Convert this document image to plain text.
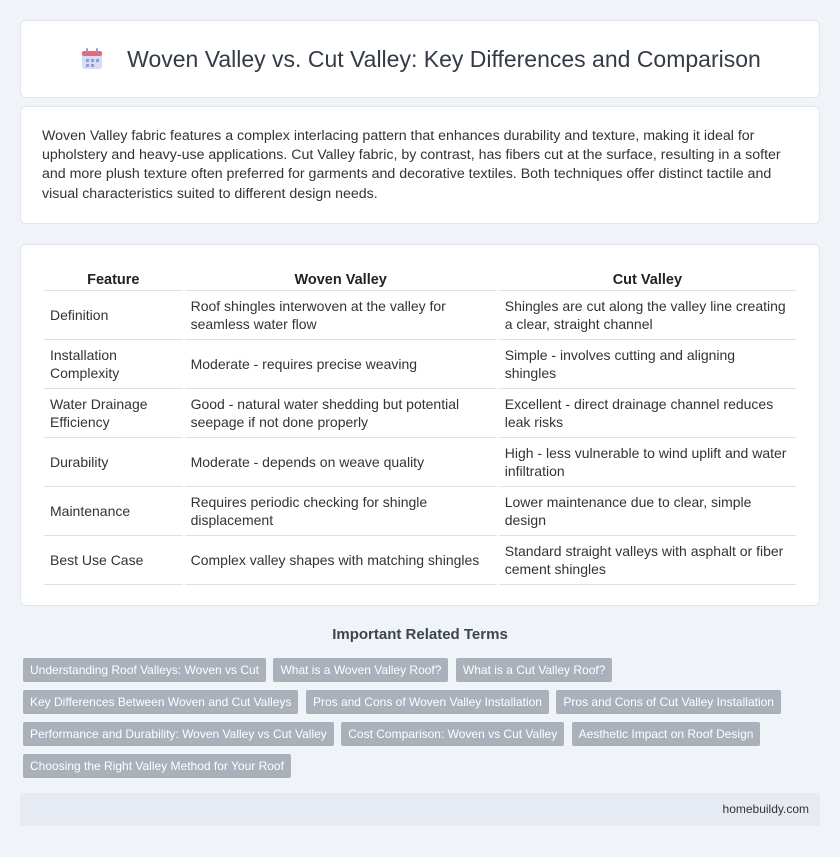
Woven Valley vs. Cut Valley: Key Differences and Comparison

Woven Valley fabric features a complex interlacing pattern that enhances durability and texture, making it ideal for upholstery and heavy-use applications. Cut Valley fabric, by contrast, has fibers cut at the surface, resulting in a softer and more plush texture often preferred for garments and decorative textiles. Both techniques offer distinct tactile and visual characteristics suited to different design needs.

Feature	Woven Valley	Cut Valley
Definition	Roof shingles interwoven at the valley for seamless water flow	Shingles are cut along the valley line creating a clear, straight channel
Installation Complexity	Moderate - requires precise weaving	Simple - involves cutting and aligning shingles
Water Drainage Efficiency	Good - natural water shedding but potential seepage if not done properly	Excellent - direct drainage channel reduces leak risks
Durability	Moderate - depends on weave quality	High - less vulnerable to wind uplift and water infiltration
Maintenance	Requires periodic checking for shingle displacement	Lower maintenance due to clear, simple design
Best Use Case	Complex valley shapes with matching shingles	Standard straight valleys with asphalt or fiber cement shingles
Important Related Terms
Understanding Roof Valleys: Woven vs Cut What is a Woven Valley Roof? What is a Cut Valley Roof? Key Differences Between Woven and Cut Valleys Pros and Cons of Woven Valley Installation Pros and Cons of Cut Valley Installation Performance and Durability: Woven Valley vs Cut Valley Cost Comparison: Woven vs Cut Valley Aesthetic Impact on Roof Design Choosing the Right Valley Method for Your Roof
homebuildy.com
